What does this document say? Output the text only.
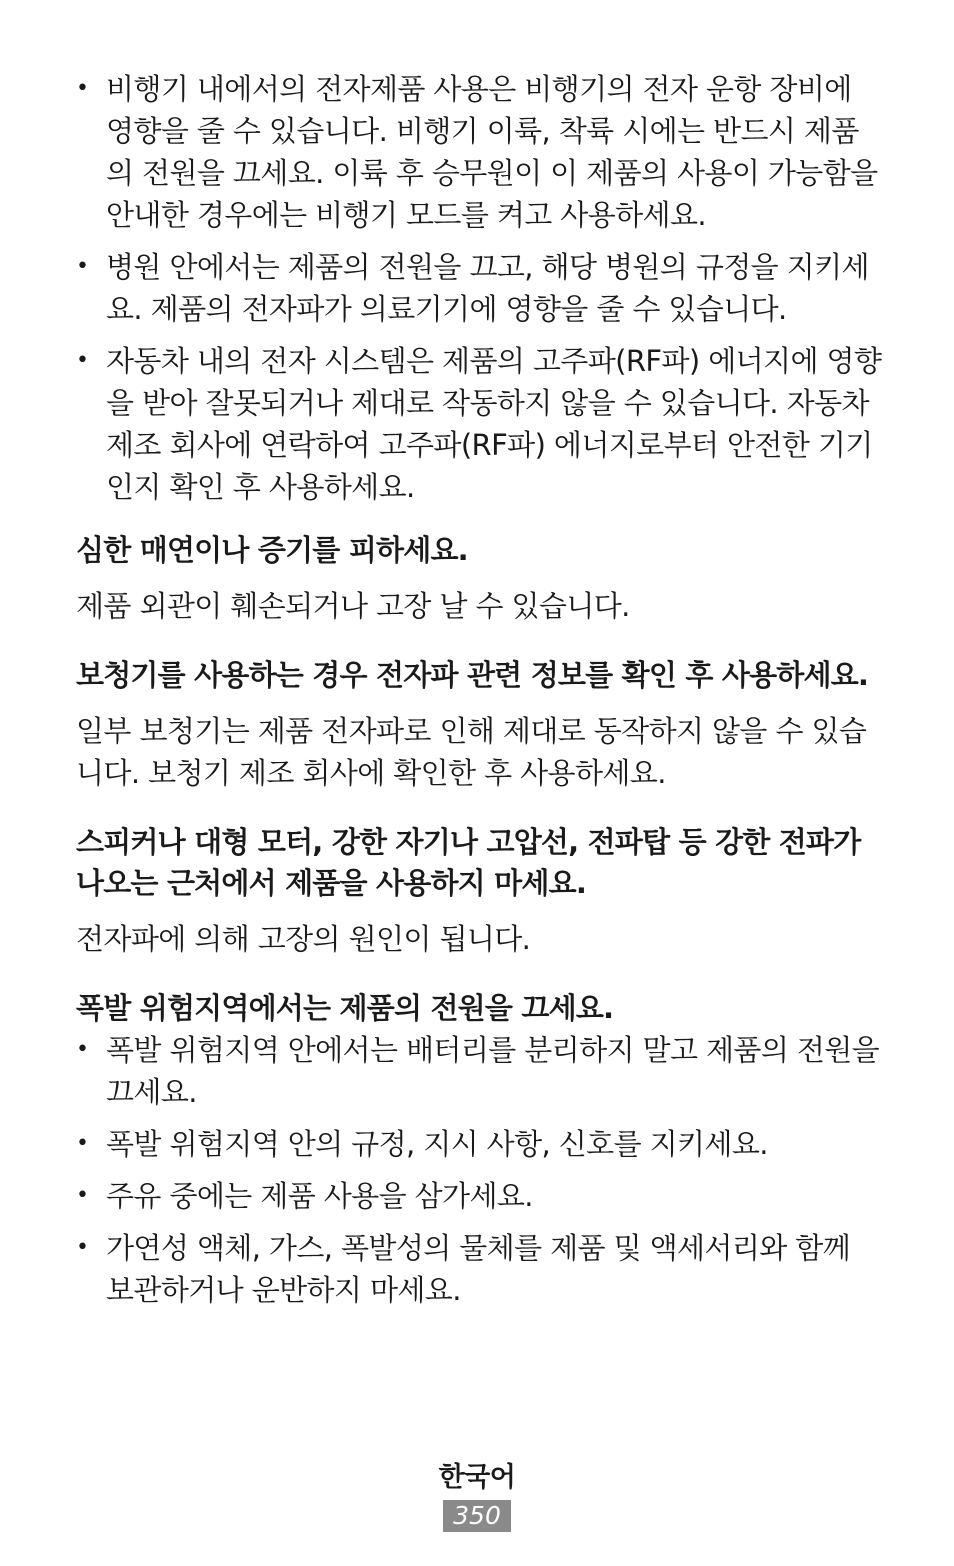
• 비행기 내에서의 전자제품 사용은 비행기의 전자 운항 장비에 영향을 줄 수 있습니다. 비행기 이륙, 착륙 시에는 반드시 제품의 전원을 끄세요. 이륙 후 승무원이 이 제품의 사용이 가능함을 안내한 경우에는 비행기 모드를 켜고 사용하세요.
• 병원 안에서는 제품의 전원을 끄고, 해당 병원의 규정을 지키세요. 제품의 전자파가 의료기기에 영향을 줄 수 있습니다.
• 자동차 내의 전자 시스템은 제품의 고주파(RF파) 에너지에 영향을 받아 잘못되거나 제대로 작동하지 않을 수 있습니다. 자동차 제조 회사에 연락하여 고주파(RF파) 에너지로부터 안전한 기기인지 확인 후 사용하세요.
심한 매연이나 증기를 피하세요.

제품 외관이 훼손되거나 고장 날 수 있습니다.

보청기를 사용하는 경우 전자파 관련 정보를 확인 후 사용하세요.

일부 보청기는 제품 전자파로 인해 제대로 동작하지 않을 수 있습니다. 보청기 제조 회사에 확인한 후 사용하세요.

스피커나 대형 모터, 강한 자기나 고압선, 전파탑 등 강한 전파가 나오는 근처에서 제품을 사용하지 마세요.

전자파에 의해 고장의 원인이 됩니다.

폭발 위험지역에서는 제품의 전원을 끄세요.
• 폭발 위험지역 안에서는 배터리를 분리하지 말고 제품의 전원을 끄세요.
• 폭발 위험지역 안의 규정, 지시 사항, 신호를 지키세요.
• 주유 중에는 제품 사용을 삼가세요.
• 가연성 액체, 가스, 폭발성의 물체를 제품 및 액세서리와 함께 보관하거나 운반하지 마세요.
한국어
350
